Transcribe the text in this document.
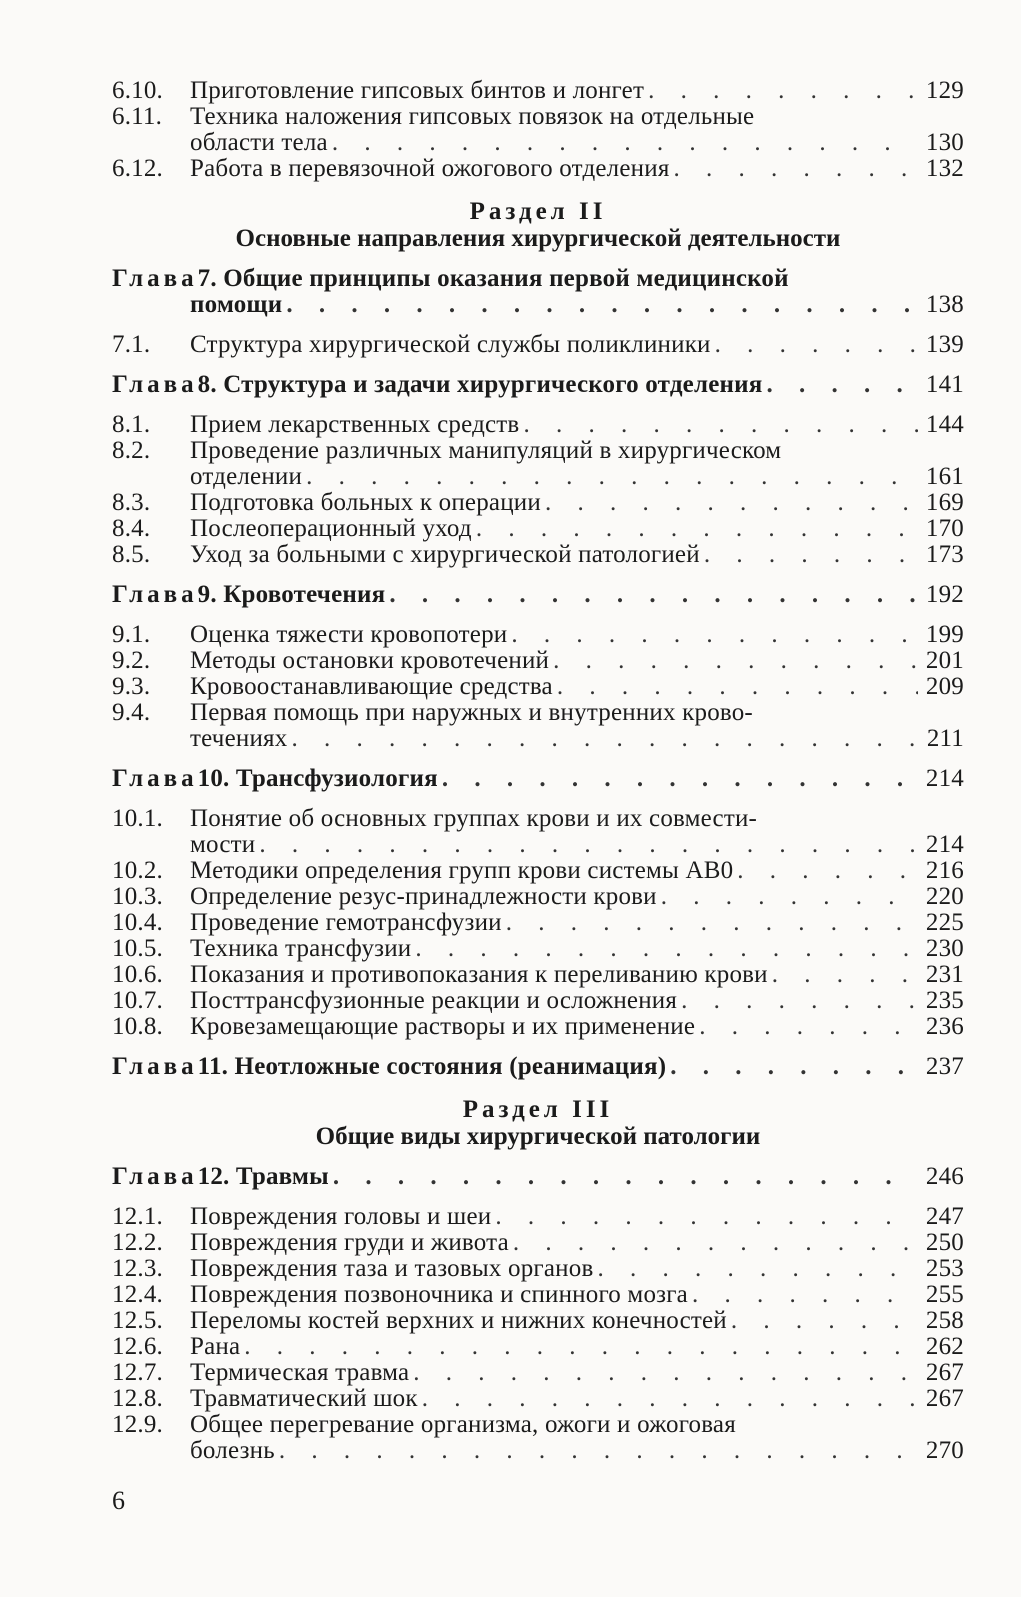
6.10.	Приготовление гипсовых бинтов и лонгет . . .	129
6.11.	Техника наложения гипсовых повязок на отдельные
области тела . . .	130
6.12.	Работа в перевязочной ожогового отделения . . .	132
Раздел II
Основные направления хирургической деятельности
Глава 7. Общие принципы оказания первой медицинской
помощи . . .	138
7.1.	Структура хирургической службы поликлиники . . .	139
Глава 8. Структура и задачи хирургического отделения . . .	141
8.1.	Прием лекарственных средств . . .	144
8.2.	Проведение различных манипуляций в хирургическом
отделении . . .	161
8.3.	Подготовка больных к операции . . .	169
8.4.	Послеоперационный уход . . .	170
8.5.	Уход за больными с хирургической патологией . . .	173
Глава 9. Кровотечения . . .	192
9.1.	Оценка тяжести кровопотери . . .	199
9.2.	Методы остановки кровотечений . . .	201
9.3.	Кровоостанавливающие средства . . .	209
9.4.	Первая помощь при наружных и внутренних крово-
течениях . . .	211
Глава 10. Трансфузиология . . .	214
10.1.	Понятие об основных группах крови и их совмести-
мости . . .	214
10.2.	Методики определения групп крови системы AB0 . . .	216
10.3.	Определение резус-принадлежности крови . . .	220
10.4.	Проведение гемотрансфузии . . .	225
10.5.	Техника трансфузии . . .	230
10.6.	Показания и противопоказания к переливанию крови . . .	231
10.7.	Посттрансфузионные реакции и осложнения . . .	235
10.8.	Кровезамещающие растворы и их применение . . .	236
Глава 11. Неотложные состояния (реанимация) . . .	237
Раздел III
Общие виды хирургической патологии
Глава 12. Травмы . . .	246
12.1.	Повреждения головы и шеи . . .	247
12.2.	Повреждения груди и живота . . .	250
12.3.	Повреждения таза и тазовых органов . . .	253
12.4.	Повреждения позвоночника и спинного мозга . . .	255
12.5.	Переломы костей верхних и нижних конечностей . . .	258
12.6.	Рана . . .	262
12.7.	Термическая травма . . .	267
12.8.	Травматический шок . . .	267
12.9.	Общее перегревание организма, ожоги и ожоговая
болезнь . . .	270
6
